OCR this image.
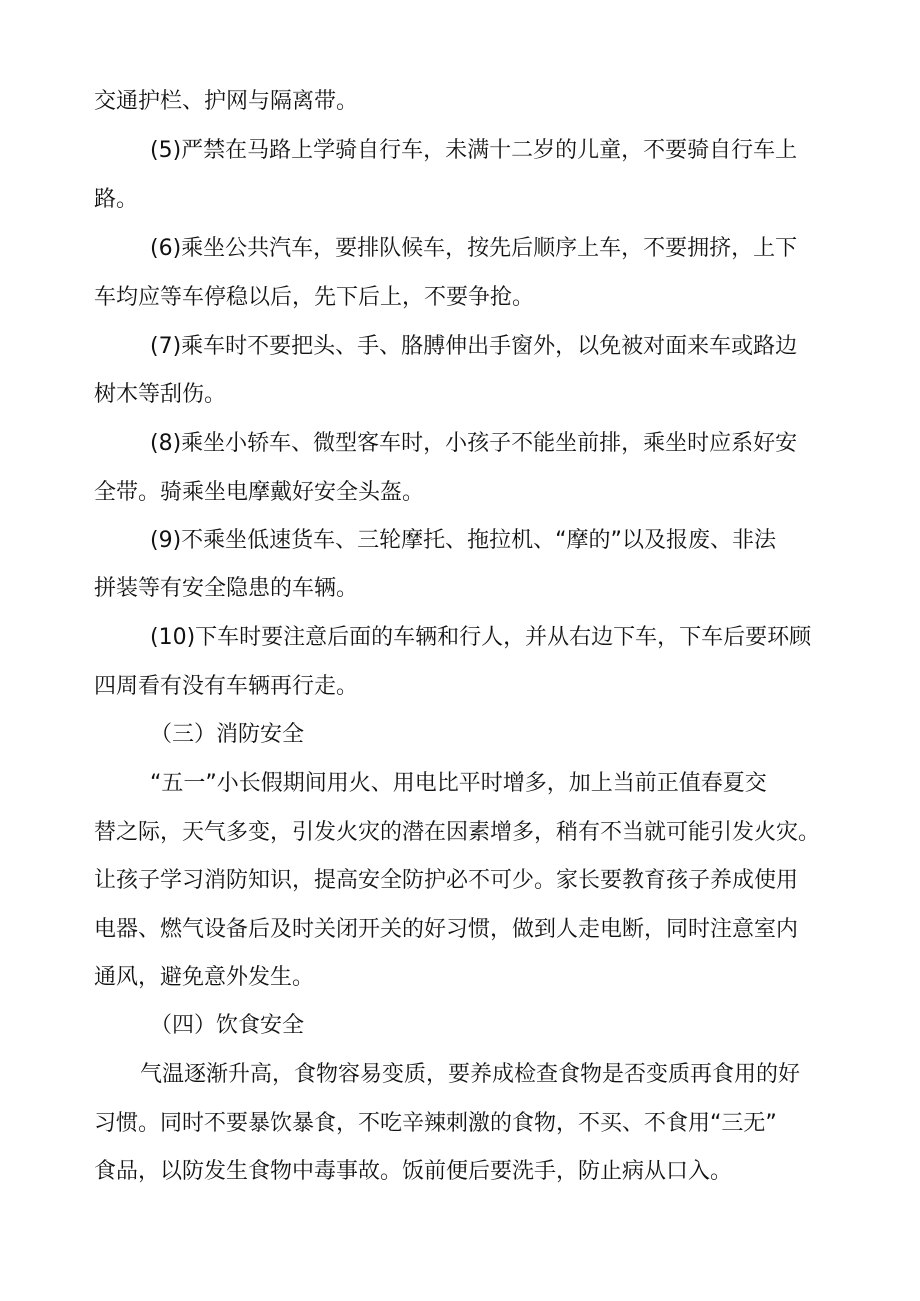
交通护栏、护网与隔离带。
(5)严禁在马路上学骑自行车，未满十二岁的儿童，不要骑自行车上
路。
(6)乘坐公共汽车，要排队候车，按先后顺序上车，不要拥挤，上下
车均应等车停稳以后，先下后上，不要争抢。
(7)乘车时不要把头、手、胳膊伸出手窗外，以免被对面来车或路边
树木等刮伤。
(8)乘坐小轿车、微型客车时，小孩子不能坐前排，乘坐时应系好安
全带。骑乘坐电摩戴好安全头盔。
(9)不乘坐低速货车、三轮摩托、拖拉机、“摩的”以及报废、非法
拼装等有安全隐患的车辆。
(10)下车时要注意后面的车辆和行人，并从右边下车，下车后要环顾
四周看有没有车辆再行走。
（三）消防安全
“五一”小长假期间用火、用电比平时增多，加上当前正值春夏交
替之际，天气多变，引发火灾的潜在因素增多，稍有不当就可能引发火灾。
让孩子学习消防知识，提高安全防护必不可少。家长要教育孩子养成使用
电器、燃气设备后及时关闭开关的好习惯，做到人走电断，同时注意室内
通风，避免意外发生。
（四）饮食安全
气温逐渐升高，食物容易变质，要养成检查食物是否变质再食用的好
习惯。同时不要暴饮暴食，不吃辛辣刺激的食物，不买、不食用“三无”
食品，以防发生食物中毒事故。饭前便后要洗手，防止病从口入。
